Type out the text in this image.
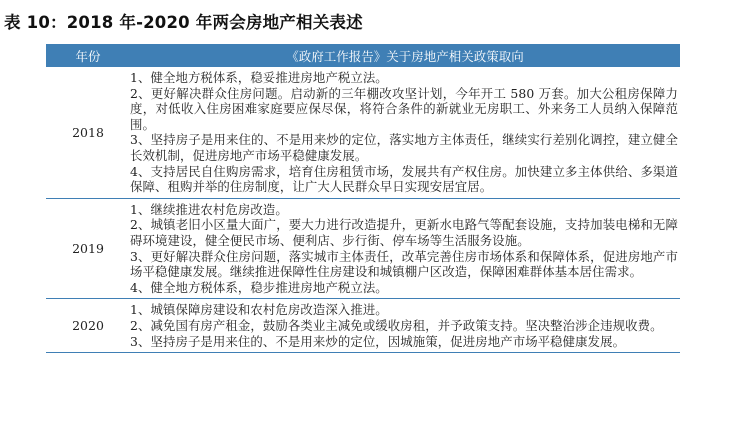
表 10：2018 年-2020 年两会房地产相关表述
年份	《政府工作报告》关于房地产相关政策取向
2018	1、健全地方税体系，稳妥推进房地产税立法。
2、更好解决群众住房问题。启动新的三年棚改攻坚计划，今年开工 580 万套。加大公租房保障力度，对低收入住房困难家庭要应保尽保，将符合条件的新就业无房职工、外来务工人员纳入保障范围。
3、坚持房子是用来住的、不是用来炒的定位，落实地方主体责任，继续实行差别化调控，建立健全长效机制，促进房地产市场平稳健康发展。
4、支持居民自住购房需求，培育住房租赁市场，发展共有产权住房。加快建立多主体供给、多渠道保障、租购并举的住房制度，让广大人民群众早日实现安居宜居。

2019	1、继续推进农村危房改造。
2、城镇老旧小区量大面广，要大力进行改造提升，更新水电路气等配套设施，支持加装电梯和无障碍环境建设，健全便民市场、便利店、步行街、停车场等生活服务设施。
3、更好解决群众住房问题，落实城市主体责任，改革完善住房市场体系和保障体系，促进房地产市场平稳健康发展。继续推进保障性住房建设和城镇棚户区改造，保障困难群体基本居住需求。
4、健全地方税体系，稳步推进房地产税立法。

2020	1、城镇保障房建设和农村危房改造深入推进。
2、减免国有房产租金，鼓励各类业主减免或缓收房租，并予政策支持。坚决整治涉企违规收费。
3、坚持房子是用来住的、不是用来炒的定位，因城施策，促进房地产市场平稳健康发展。
